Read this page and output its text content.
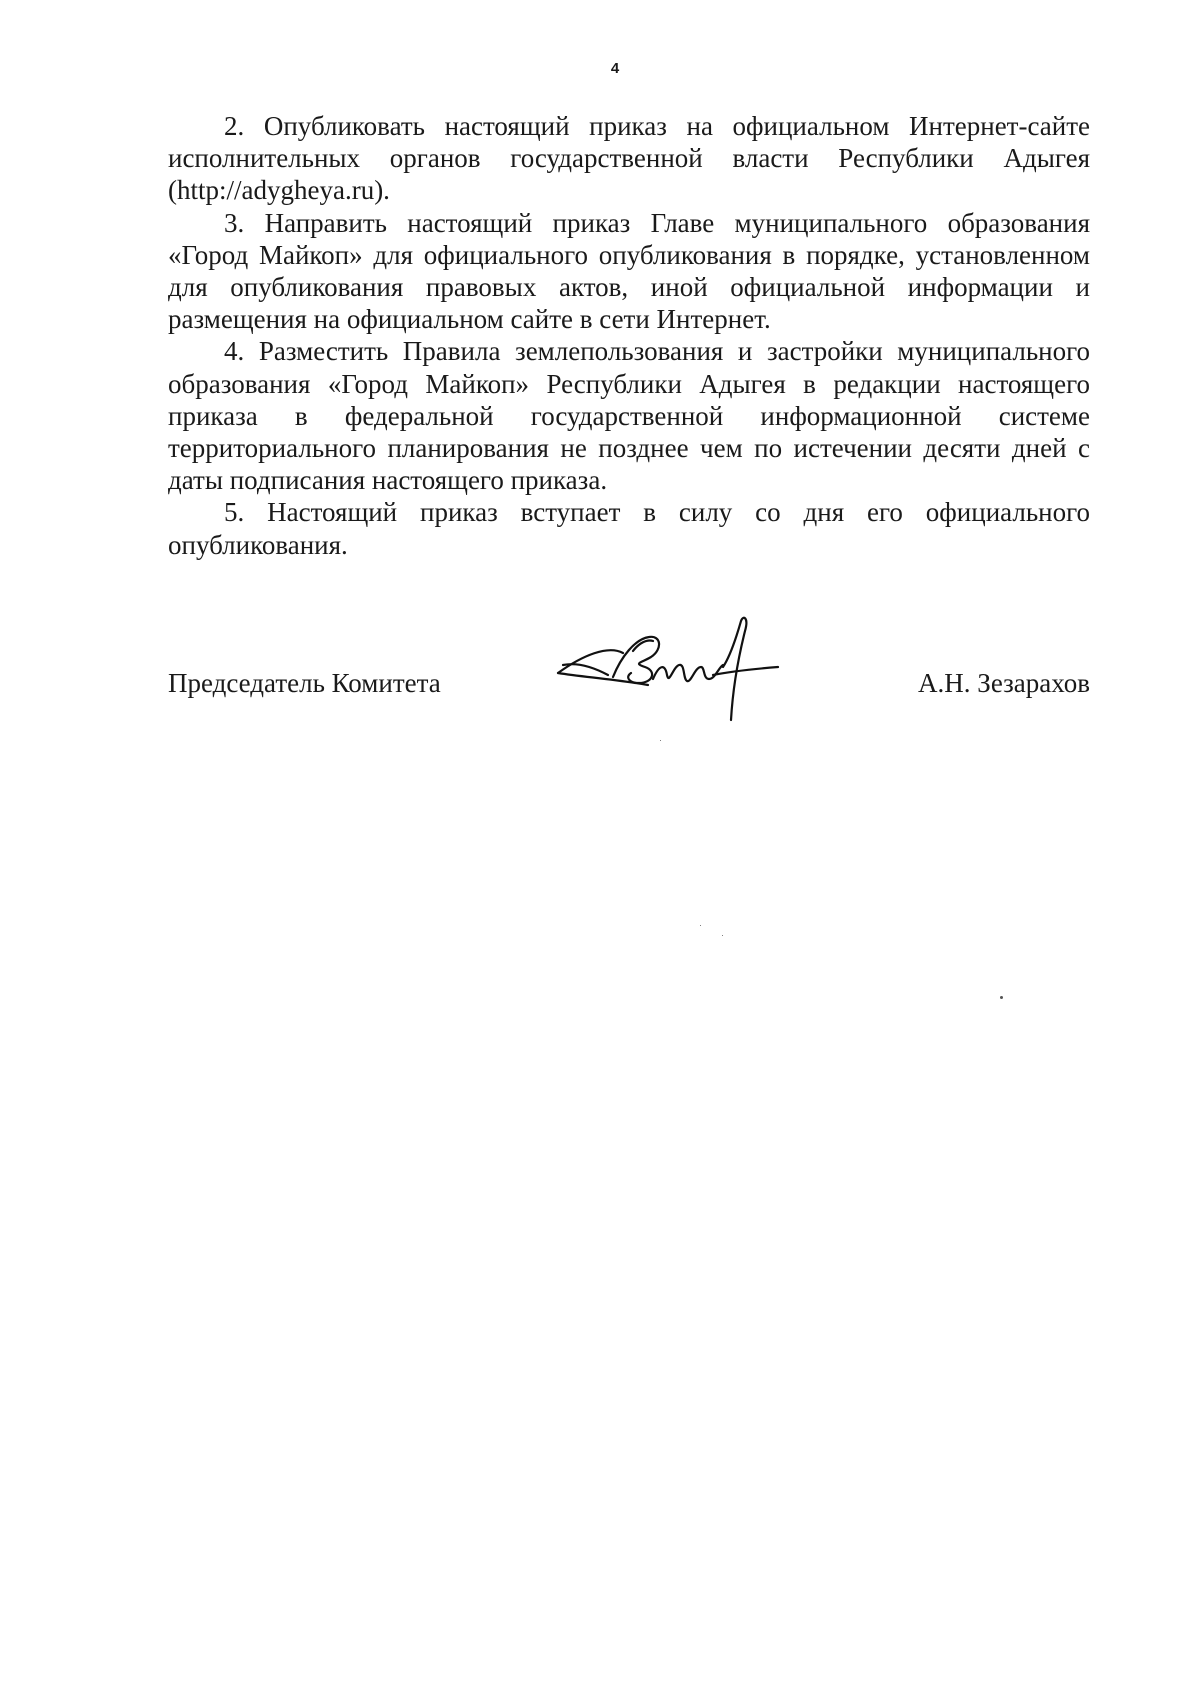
4

2. Опубликовать настоящий приказ на официальном Интернет-сайте исполнительных органов государственной власти Республики Адыгея (http://adygheya.ru).

3. Направить настоящий приказ Главе муниципального образования «Город Майкоп» для официального опубликования в порядке, установленном для опубликования правовых актов, иной официальной информации и размещения на официальном сайте в сети Интернет.

4. Разместить Правила землепользования и застройки муниципального образования «Город Майкоп» Республики Адыгея в редакции настоящего приказа в федеральной государственной информационной системе территориального планирования не позднее чем по истечении десяти дней с даты подписания настоящего приказа.

5. Настоящий приказ вступает в силу со дня его официального опубликования.

Председатель Комитета	А.Н. Зезарахов
